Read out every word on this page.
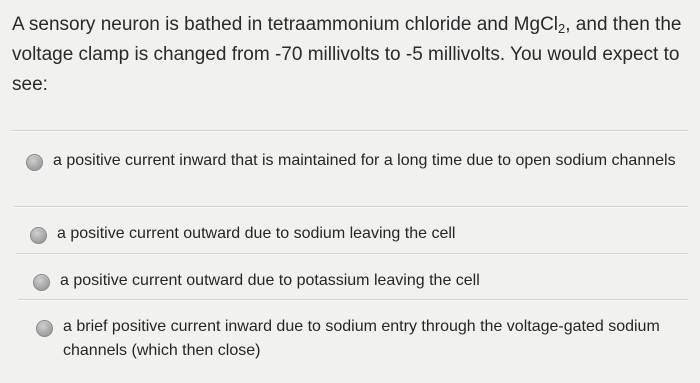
A sensory neuron is bathed in tetraammonium chloride and MgCl$_2$, and then the voltage clamp is changed from -70 millivolts to -5 millivolts. You would expect to see:
a positive current inward that is maintained for a long time due to open sodium channels
a positive current outward due to sodium leaving the cell
a positive current outward due to potassium leaving the cell
a brief positive current inward due to sodium entry through the voltage-gated sodium channels (which then close)
